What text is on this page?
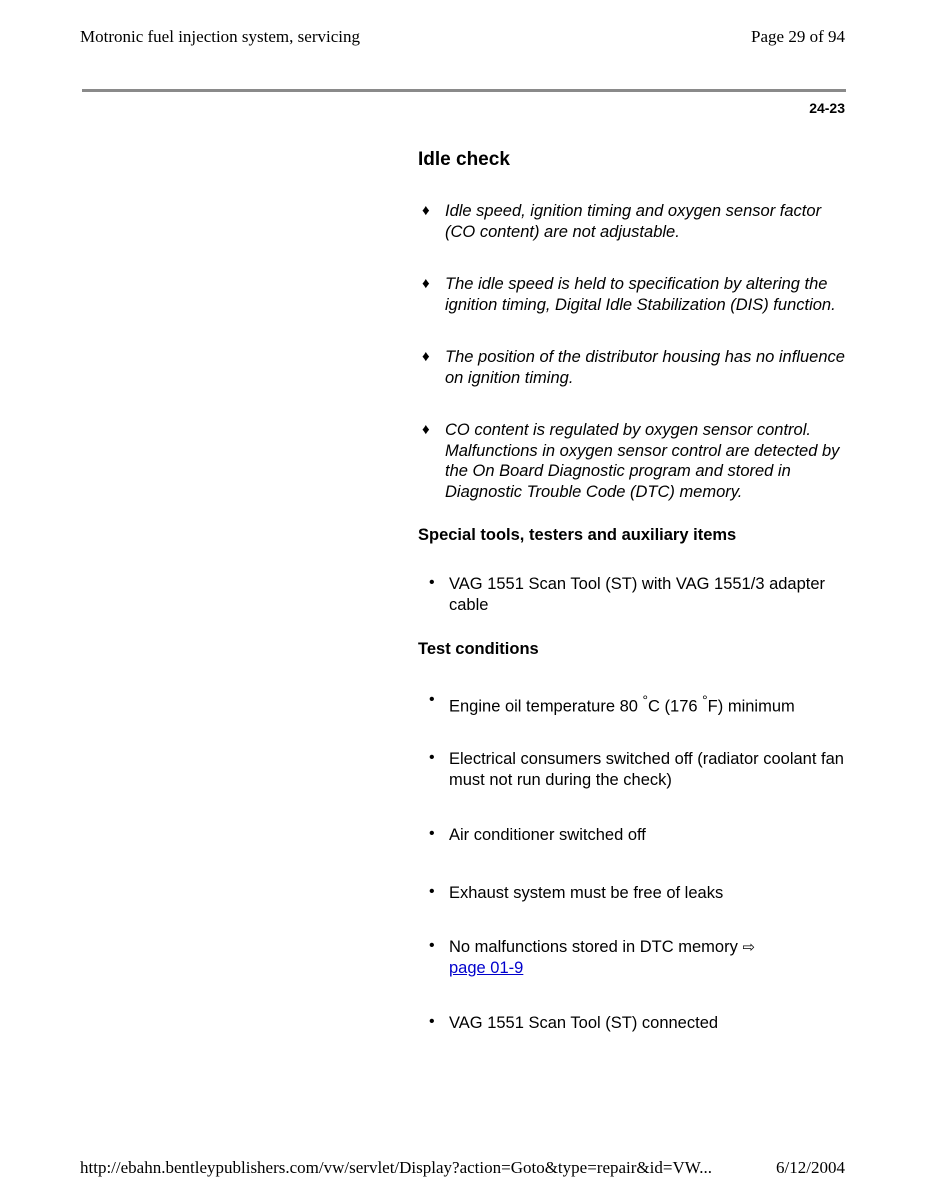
Motronic fuel injection system, servicing	Page 29 of 94
24-23
Idle check
♦ Idle speed, ignition timing and oxygen sensor factor (CO content) are not adjustable.
♦ The idle speed is held to specification by altering the ignition timing, Digital Idle Stabilization (DIS) function.
♦ The position of the distributor housing has no influence on ignition timing.
♦ CO content is regulated by oxygen sensor control. Malfunctions in oxygen sensor control are detected by the On Board Diagnostic program and stored in Diagnostic Trouble Code (DTC) memory.
Special tools, testers and auxiliary items
• VAG 1551 Scan Tool (ST) with VAG 1551/3 adapter cable
Test conditions
• Engine oil temperature 80 °C (176 °F) minimum
• Electrical consumers switched off (radiator coolant fan must not run during the check)
• Air conditioner switched off
• Exhaust system must be free of leaks
• No malfunctions stored in DTC memory ⇨
page 01-9
• VAG 1551 Scan Tool (ST) connected
http://ebahn.bentleypublishers.com/vw/servlet/Display?action=Goto&type=repair&id=VW...	6/12/2004
